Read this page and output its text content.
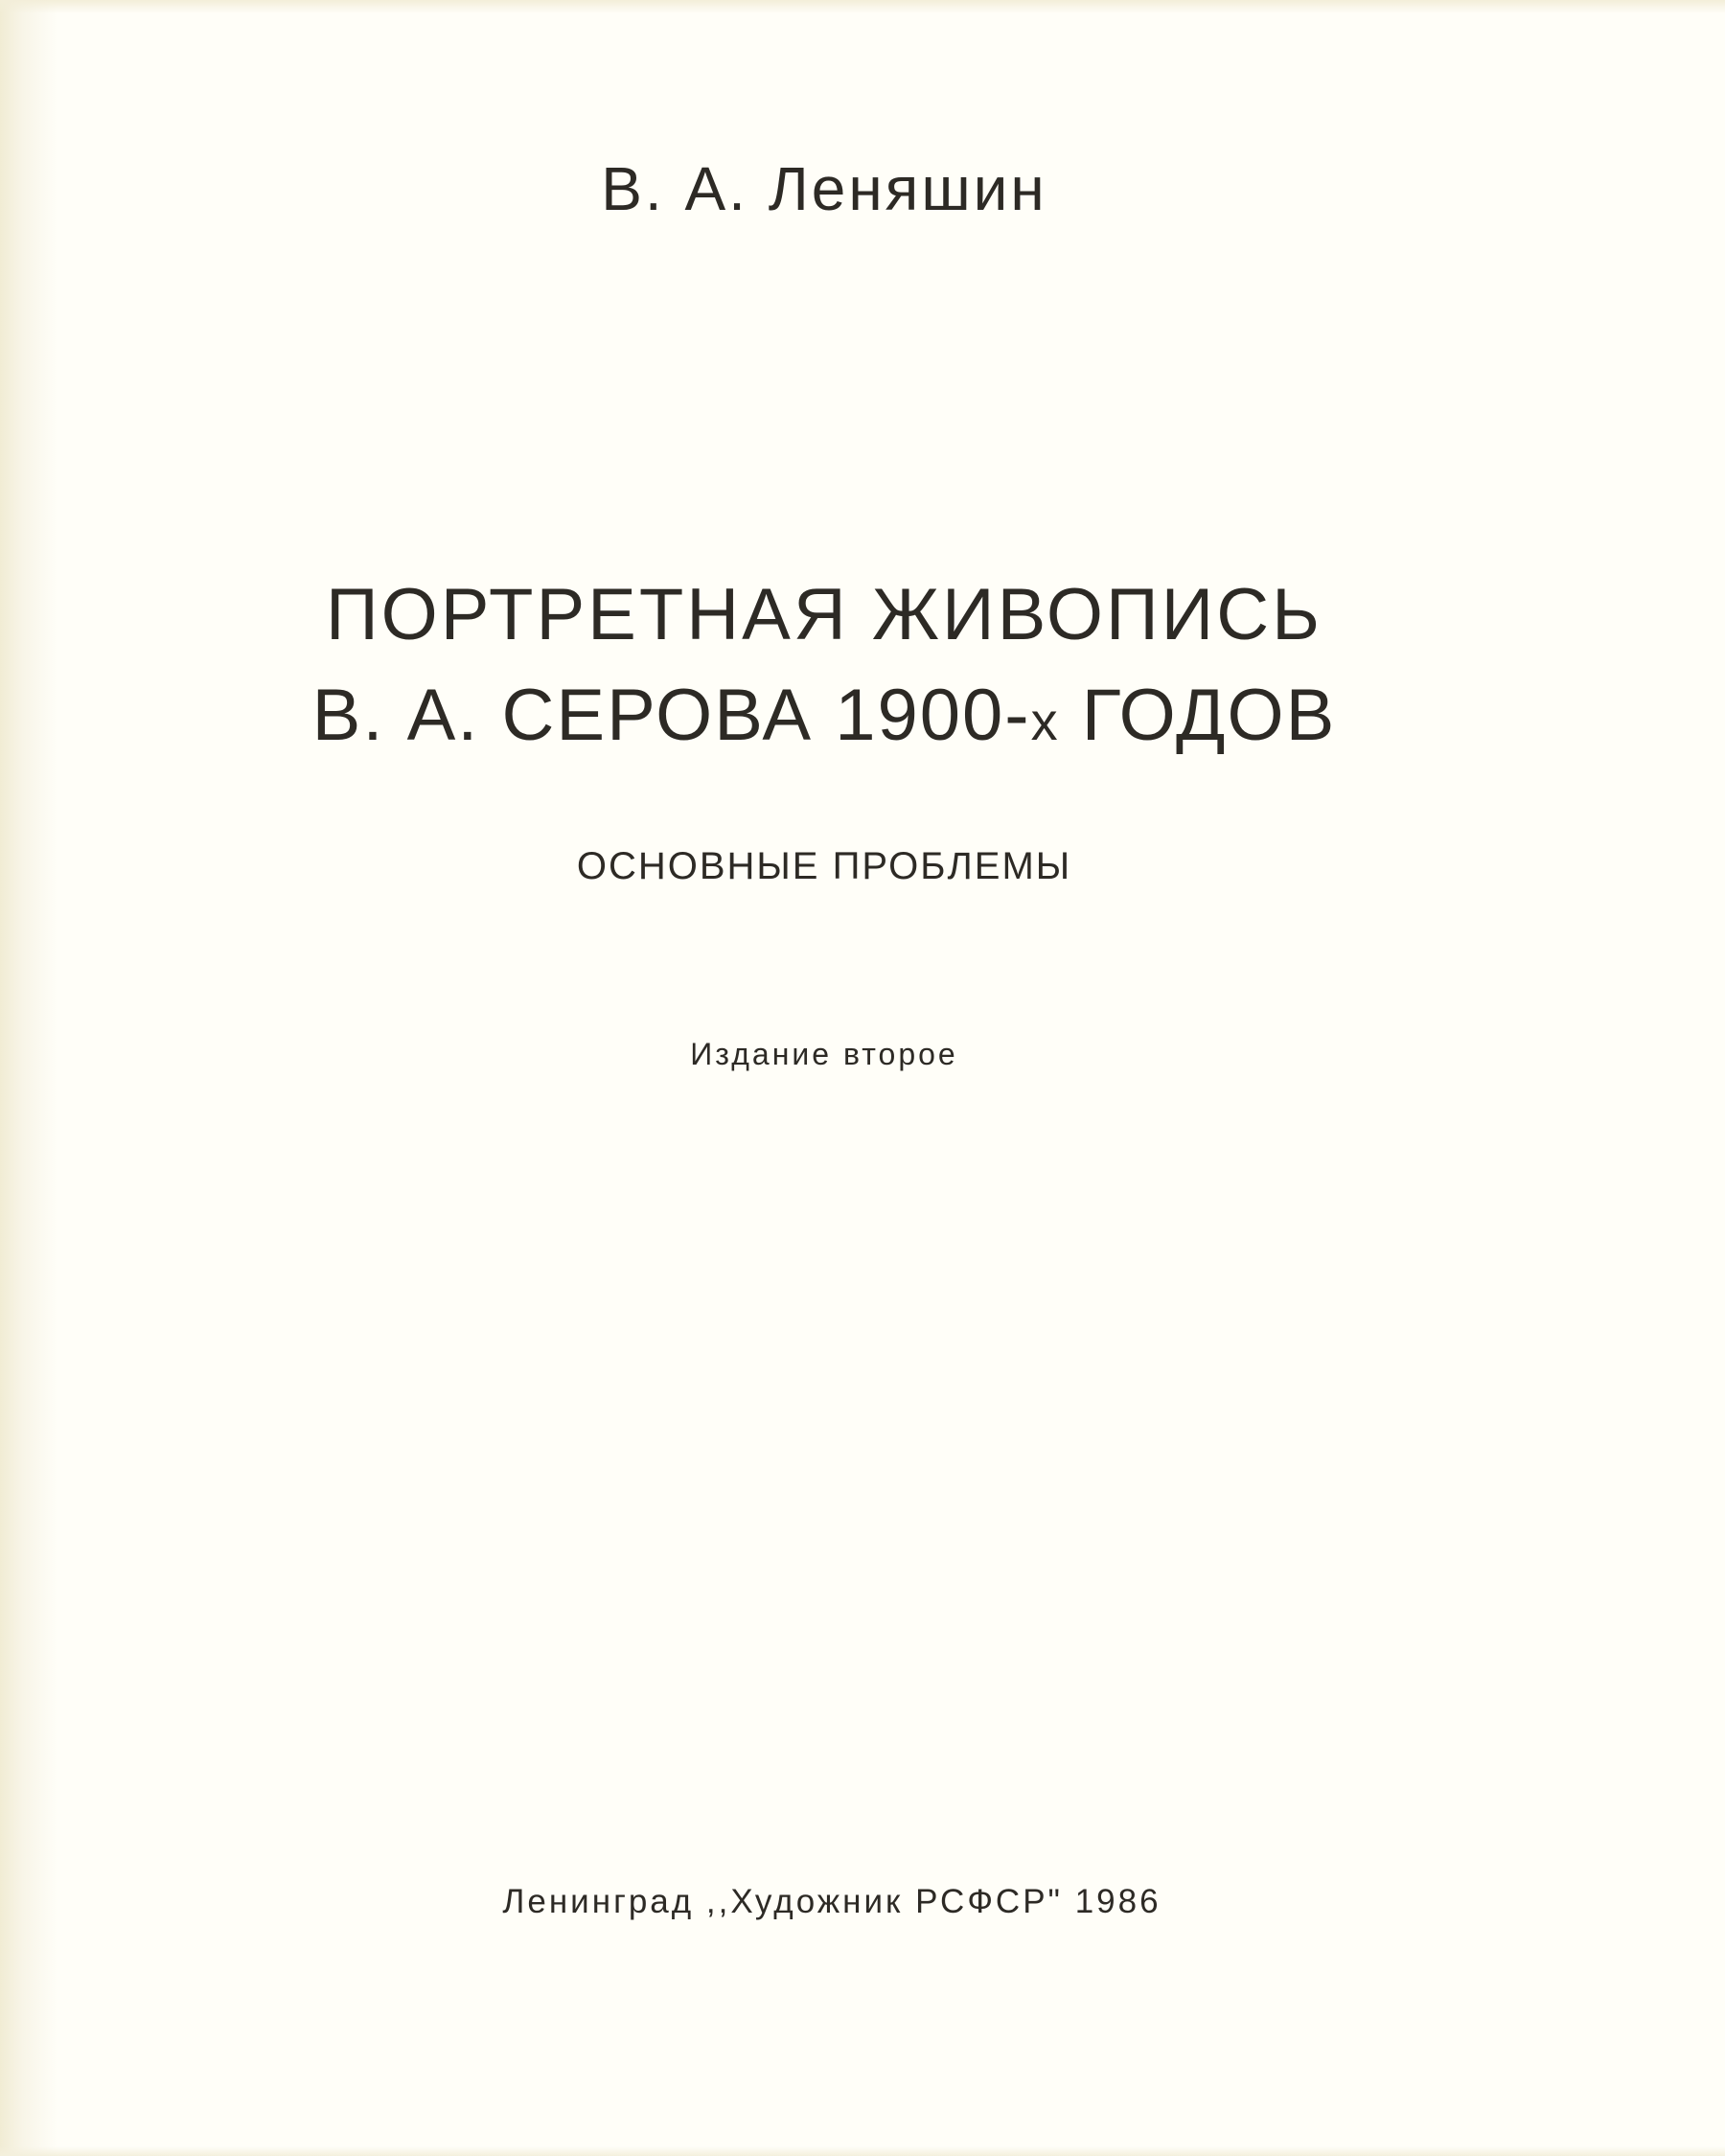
В. А. Леняшин
ПОРТРЕТНАЯ ЖИВОПИСЬ
В. А. СЕРОВА 1900-х ГОДОВ
ОСНОВНЫЕ ПРОБЛЕМЫ
Издание второе
Ленинград ,,Художник РСФСР" 1986
